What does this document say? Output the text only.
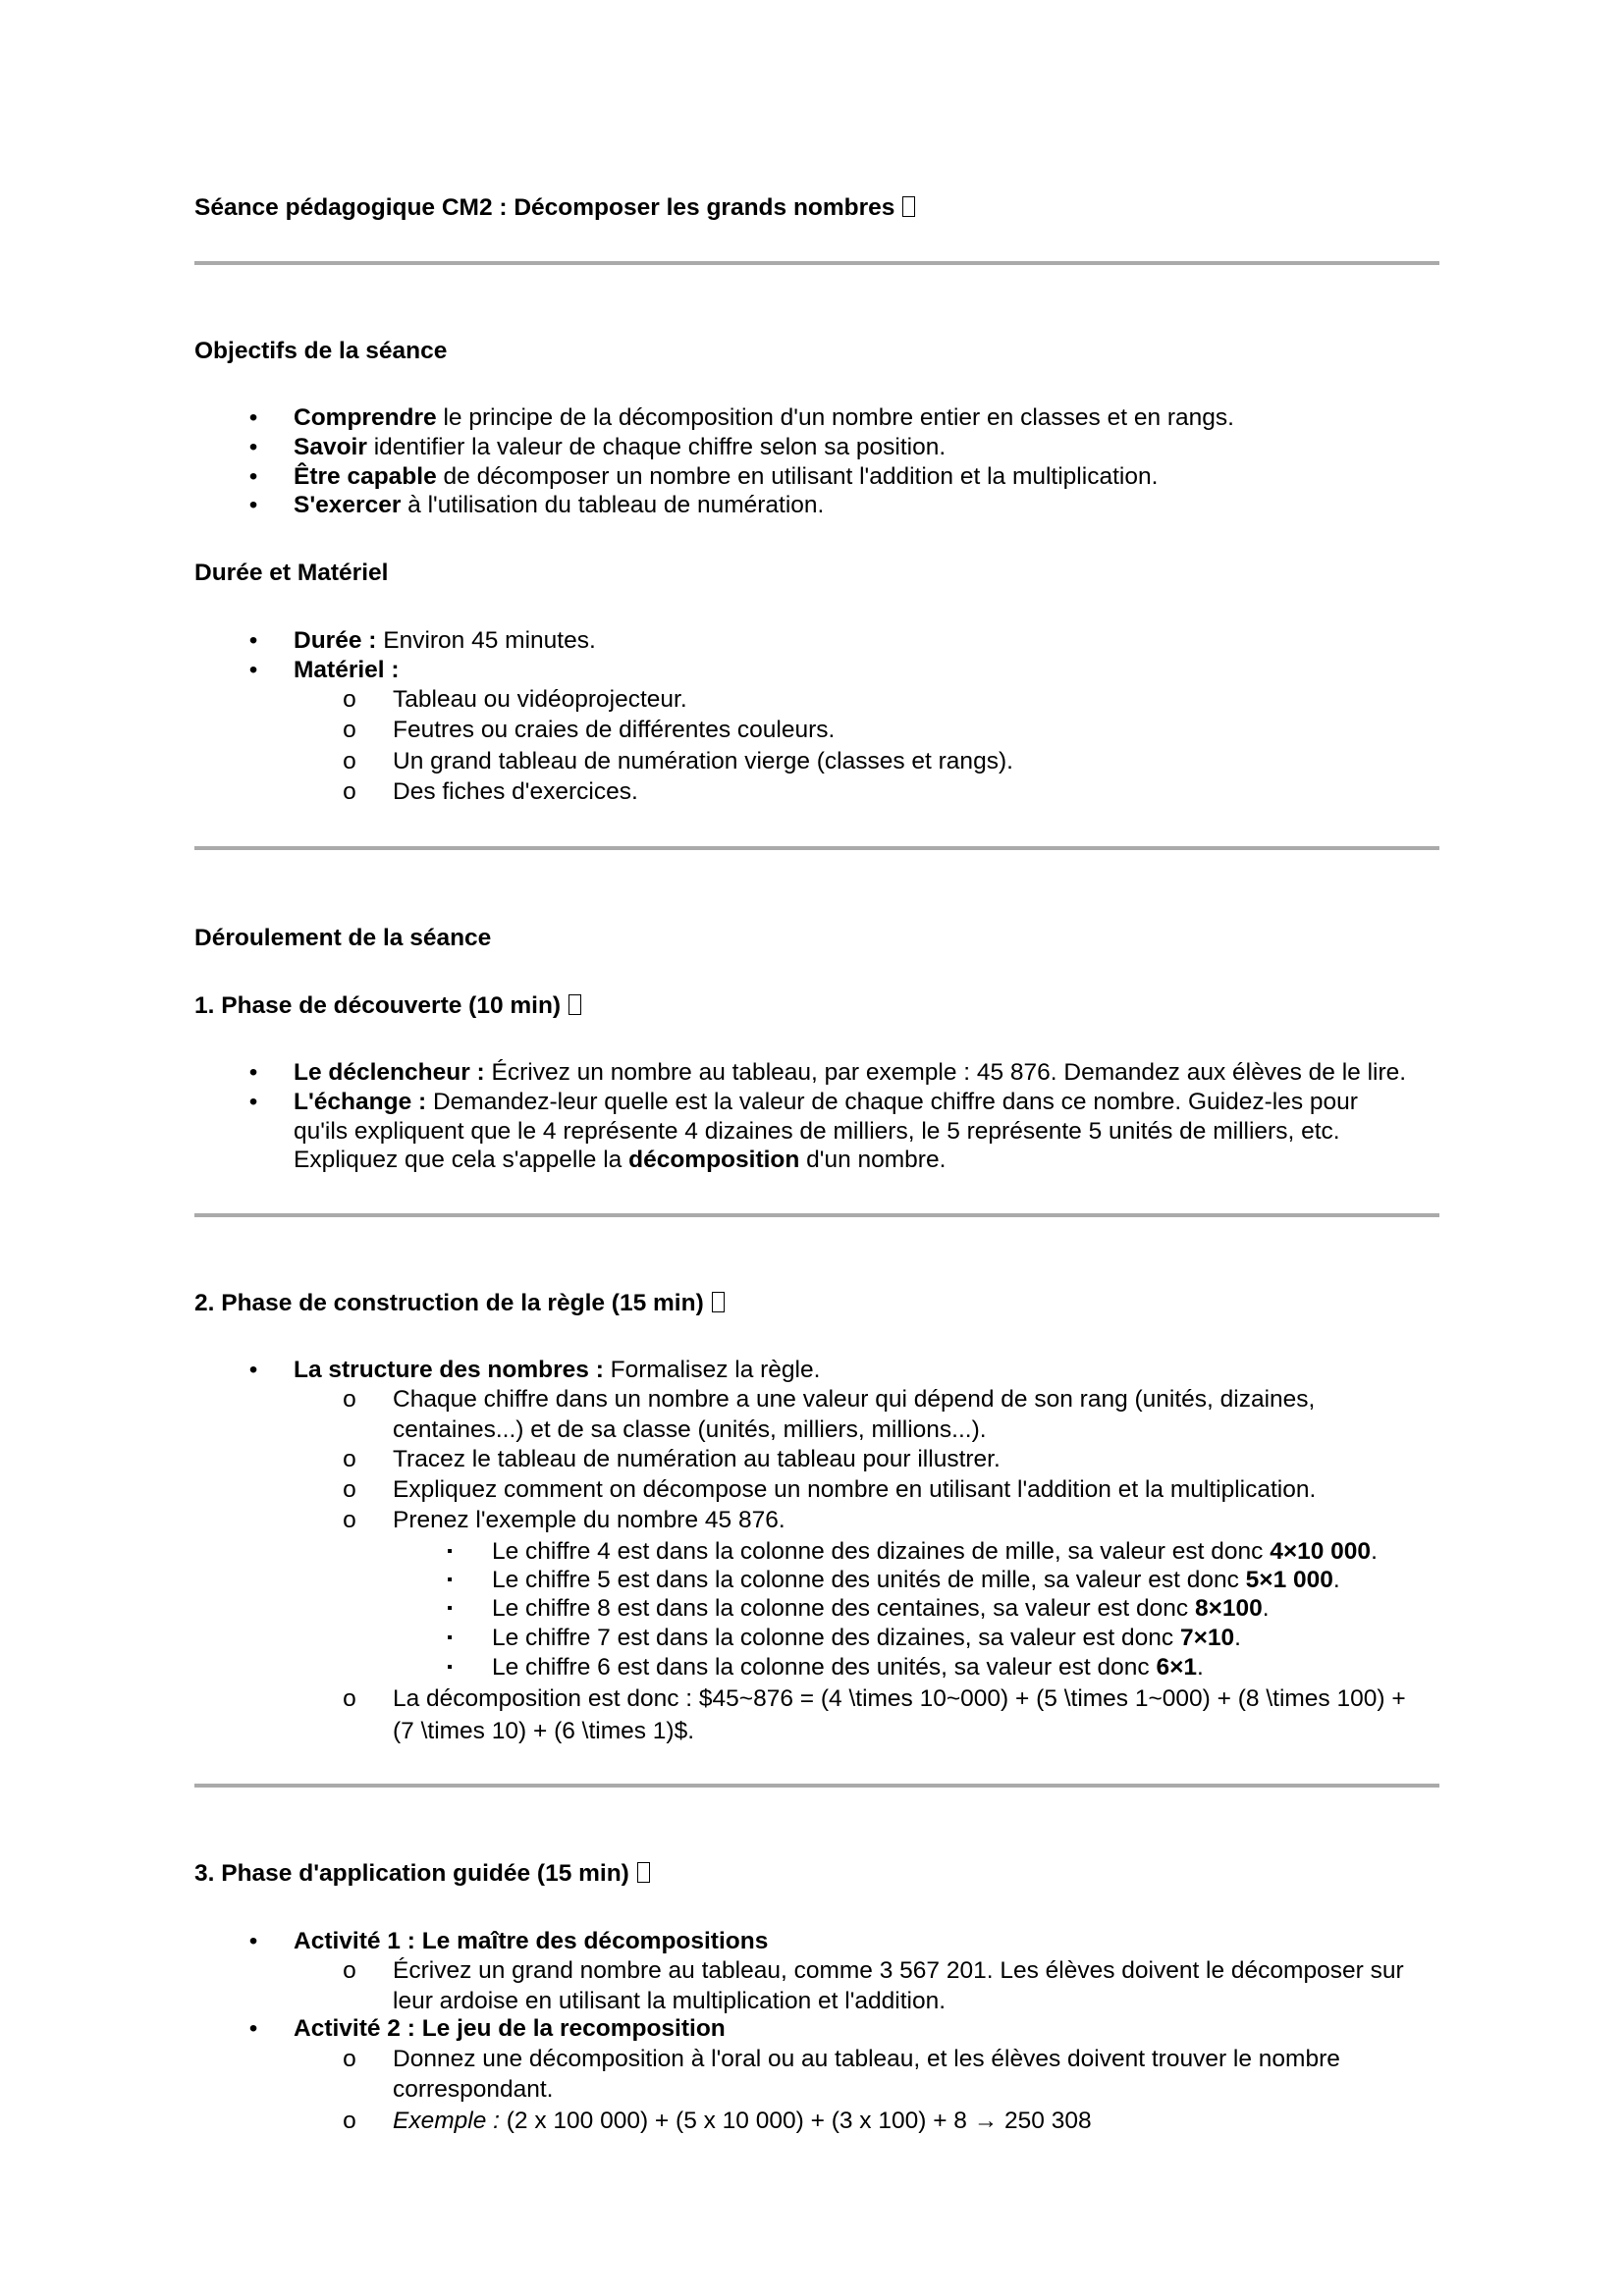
Séance pédagogique CM2 : Décomposer les grands nombres
Objectifs de la séance
• Comprendre le principe de la décomposition d'un nombre entier en classes et en rangs.
• Savoir identifier la valeur de chaque chiffre selon sa position.
• Être capable de décomposer un nombre en utilisant l'addition et la multiplication.
• S'exercer à l'utilisation du tableau de numération.
Durée et Matériel
• Durée : Environ 45 minutes.
• Matériel :
o Tableau ou vidéoprojecteur.
o Feutres ou craies de différentes couleurs.
o Un grand tableau de numération vierge (classes et rangs).
o Des fiches d'exercices.
Déroulement de la séance
1. Phase de découverte (10 min)
• Le déclencheur : Écrivez un nombre au tableau, par exemple : 45 876. Demandez aux élèves de le lire.
• L'échange : Demandez-leur quelle est la valeur de chaque chiffre dans ce nombre. Guidez-les pour
qu'ils expliquent que le 4 représente 4 dizaines de milliers, le 5 représente 5 unités de milliers, etc.
Expliquez que cela s'appelle la décomposition d'un nombre.
2. Phase de construction de la règle (15 min)
• La structure des nombres : Formalisez la règle.
o Chaque chiffre dans un nombre a une valeur qui dépend de son rang (unités, dizaines,
centaines...) et de sa classe (unités, milliers, millions...).
o Tracez le tableau de numération au tableau pour illustrer.
o Expliquez comment on décompose un nombre en utilisant l'addition et la multiplication.
o Prenez l'exemple du nombre 45 876.
▪ Le chiffre 4 est dans la colonne des dizaines de mille, sa valeur est donc 4×10 000.
▪ Le chiffre 5 est dans la colonne des unités de mille, sa valeur est donc 5×1 000.
▪ Le chiffre 8 est dans la colonne des centaines, sa valeur est donc 8×100.
▪ Le chiffre 7 est dans la colonne des dizaines, sa valeur est donc 7×10.
▪ Le chiffre 6 est dans la colonne des unités, sa valeur est donc 6×1.
o La décomposition est donc : $45~876 = (4 \times 10~000) + (5 \times 1~000) + (8 \times 100) +
(7 \times 10) + (6 \times 1)$.
3. Phase d'application guidée (15 min)
• Activité 1 : Le maître des décompositions
o Écrivez un grand nombre au tableau, comme 3 567 201. Les élèves doivent le décomposer sur
leur ardoise en utilisant la multiplication et l'addition.
• Activité 2 : Le jeu de la recomposition
o Donnez une décomposition à l'oral ou au tableau, et les élèves doivent trouver le nombre
correspondant.
o Exemple : (2 x 100 000) + (5 x 10 000) + (3 x 100) + 8 → 250 308
